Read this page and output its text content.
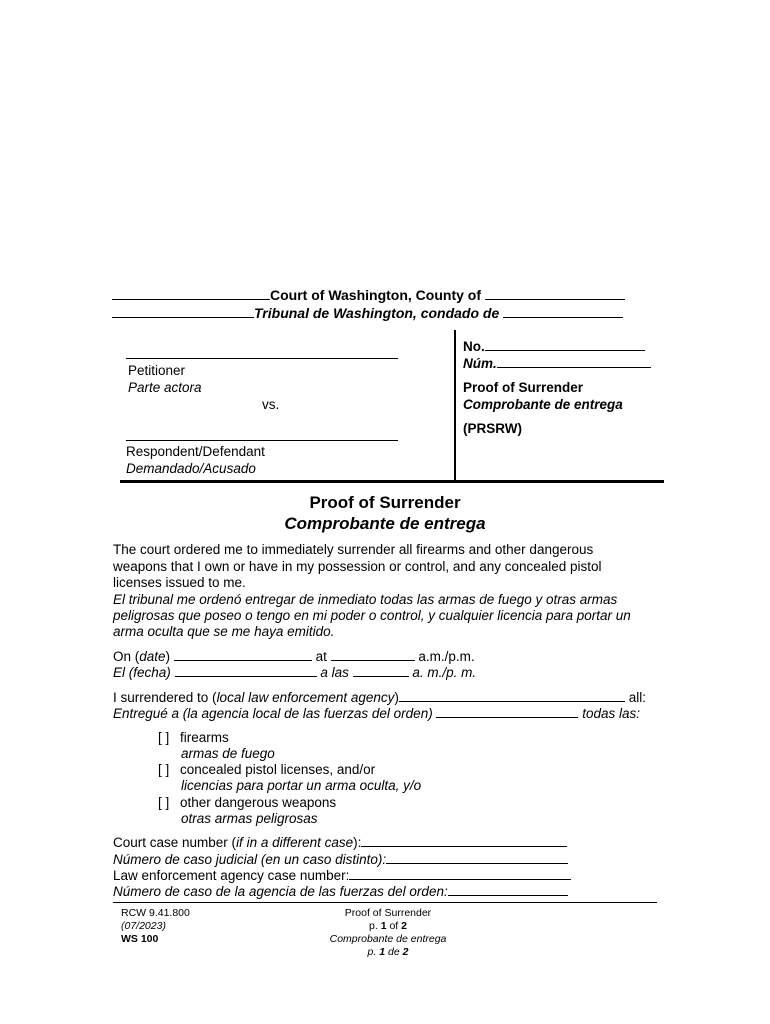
Court of Washington, County of
Tribunal de Washington, condado de
Petitioner
Parte actora
vs.
Respondent/Defendant
Demandado/Acusado
No.
Núm.
Proof of Surrender
Comprobante de entrega
(PRSRW)
Proof of Surrender
Comprobante de entrega
The court ordered me to immediately surrender all firearms and other dangerous
weapons that I own or have in my possession or control, and any concealed pistol
licenses issued to me.
El tribunal me ordenó entregar de inmediato todas las armas de fuego y otras armas
peligrosas que poseo o tengo en mi poder o control, y cualquier licencia para portar un
arma oculta que se me haya emitido.
On (date)	at	a.m./p.m.
El (fecha)	a las	a. m./p. m.
I surrendered to (local law enforcement agency)	all:
Entregué a (la agencia local de las fuerzas del orden)	todas las:
[ ] firearms
armas de fuego
[ ] concealed pistol licenses, and/or
licencias para portar un arma oculta, y/o
[ ] other dangerous weapons
otras armas peligrosas
Court case number (if in a different case):
Número de caso judicial (en un caso distinto):
Law enforcement agency case number:
Número de caso de la agencia de las fuerzas del orden:
RCW 9.41.800
(07/2023)
WS 100
Proof of Surrender
p. 1 of 2
Comprobante de entrega
p. 1 de 2
